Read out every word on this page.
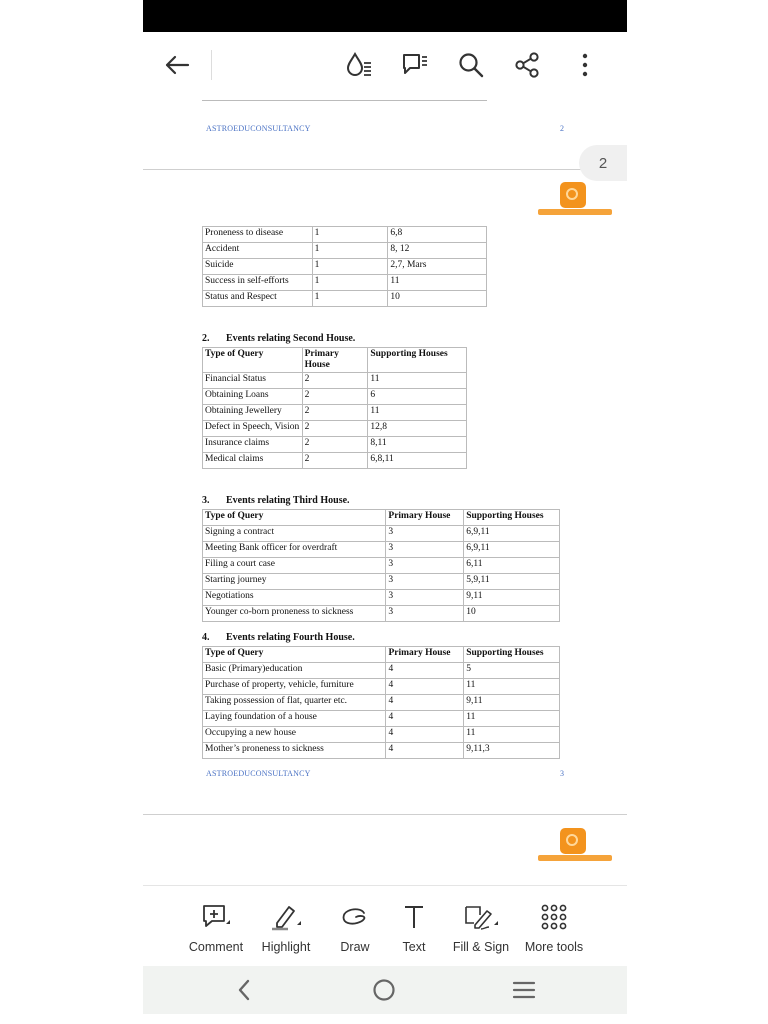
ASTROEDUCONSULTANCY	2
Proneness to disease	1	6,8
Accident	1	8, 12
Suicide	1	2,7, Mars
Success in self-efforts	1	11
Status and Respect	1	10
2. Events relating Second House.
Type of Query	Primary House	Supporting Houses
Financial Status	2	11
Obtaining Loans	2	6
Obtaining Jewellery	2	11
Defect in Speech, Vision	2	12,8
Insurance claims	2	8,11
Medical claims	2	6,8,11
3. Events relating Third House.
Type of Query	Primary House	Supporting Houses
Signing a contract	3	6,9,11
Meeting Bank officer for overdraft	3	6,9,11
Filing a court case	3	6,11
Starting journey	3	5,9,11
Negotiations	3	9,11
Younger co-born proneness to sickness	3	10
4. Events relating Fourth House.
Type of Query	Primary House	Supporting Houses
Basic (Primary)education	4	5
Purchase of property, vehicle, furniture	4	11
Taking possession of flat, quarter etc.	4	9,11
Laying foundation of a house	4	11
Occupying a new house	4	11
Mother’s proneness to sickness	4	9,11,3
ASTROEDUCONSULTANCY	3
2
Comment	Highlight	Draw	Text	Fill & Sign	More tools
